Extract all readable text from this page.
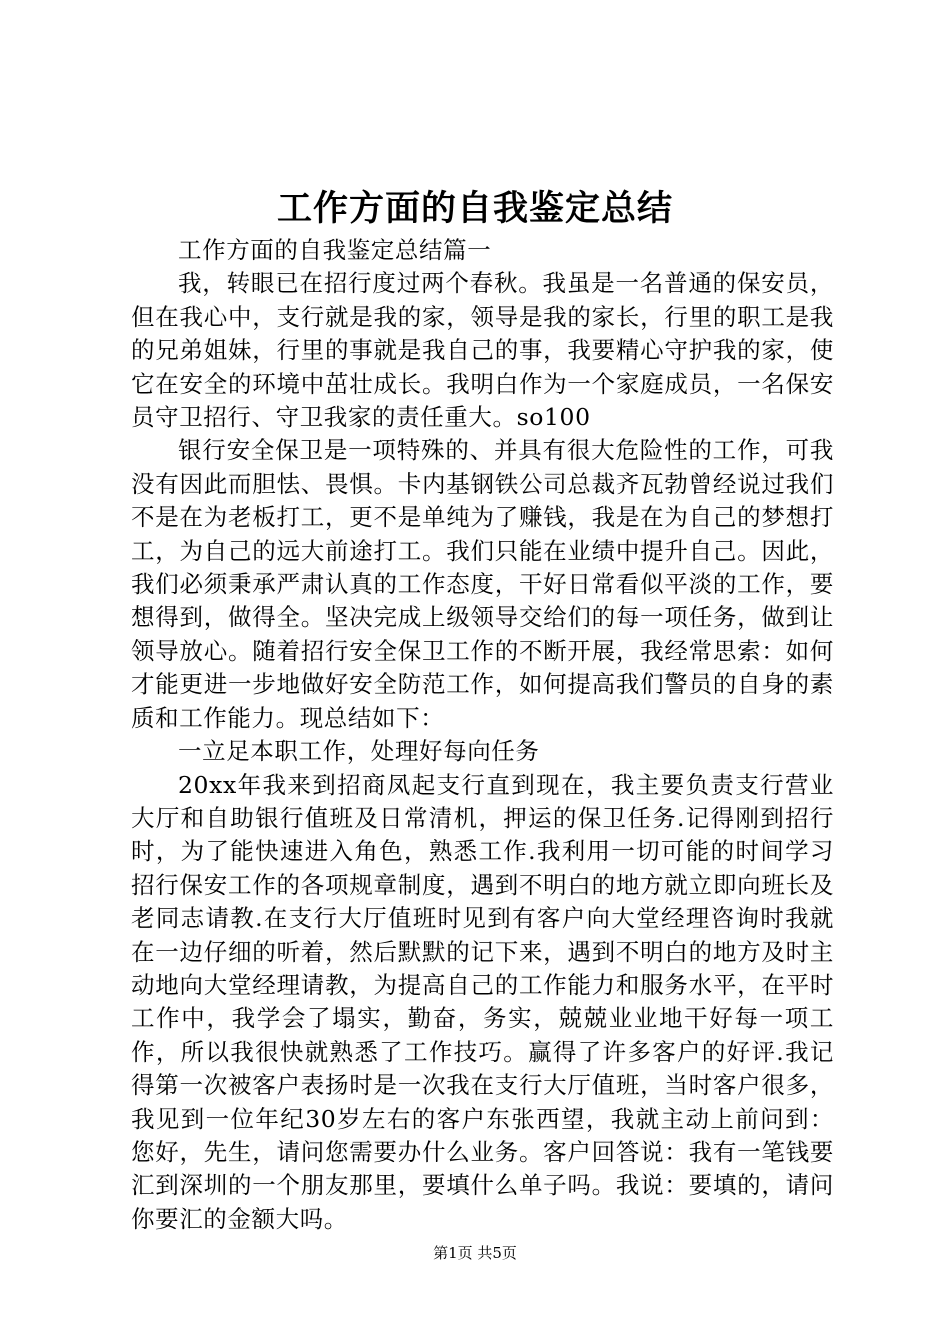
工作方面的自我鉴定总结

工作方面的自我鉴定总结篇一

我，转眼已在招行度过两个春秋。我虽是一名普通的保安员，但在我心中，支行就是我的家，领导是我的家长，行里的职工是我的兄弟姐妹，行里的事就是我自己的事，我要精心守护我的家，使它在安全的环境中茁壮成长。我明白作为一个家庭成员，一名保安员守卫招行、守卫我家的责任重大。so100

银行安全保卫是一项特殊的、并具有很大危险性的工作，可我没有因此而胆怯、畏惧。卡内基钢铁公司总裁齐瓦勃曾经说过我们不是在为老板打工，更不是单纯为了赚钱，我是在为自己的梦想打工，为自己的远大前途打工。我们只能在业绩中提升自己。因此，我们必须秉承严肃认真的工作态度，干好日常看似平淡的工作，要想得到，做得全。坚决完成上级领导交给们的每一项任务，做到让领导放心。随着招行安全保卫工作的不断开展，我经常思索：如何才能更进一步地做好安全防范工作，如何提高我们警员的自身的素质和工作能力。现总结如下：

一立足本职工作，处理好每向任务

20xx年我来到招商凤起支行直到现在，我主要负责支行营业大厅和自助银行值班及日常清机，押运的保卫任务.记得刚到招行时，为了能快速进入角色，熟悉工作.我利用一切可能的时间学习招行保安工作的各项规章制度，遇到不明白的地方就立即向班长及老同志请教.在支行大厅值班时见到有客户向大堂经理咨询时我就在一边仔细的听着，然后默默的记下来，遇到不明白的地方及时主动地向大堂经理请教，为提高自己的工作能力和服务水平，在平时工作中，我学会了塌实，勤奋，务实，兢兢业业地干好每一项工作，所以我很快就熟悉了工作技巧。赢得了许多客户的好评.我记得第一次被客户表扬时是一次我在支行大厅值班，当时客户很多，我见到一位年纪30岁左右的客户东张西望，我就主动上前问到：您好，先生，请问您需要办什么业务。客户回答说：我有一笔钱要汇到深圳的一个朋友那里，要填什么单子吗。我说：要填的，请问你要汇的金额大吗。

第1页 共5页
